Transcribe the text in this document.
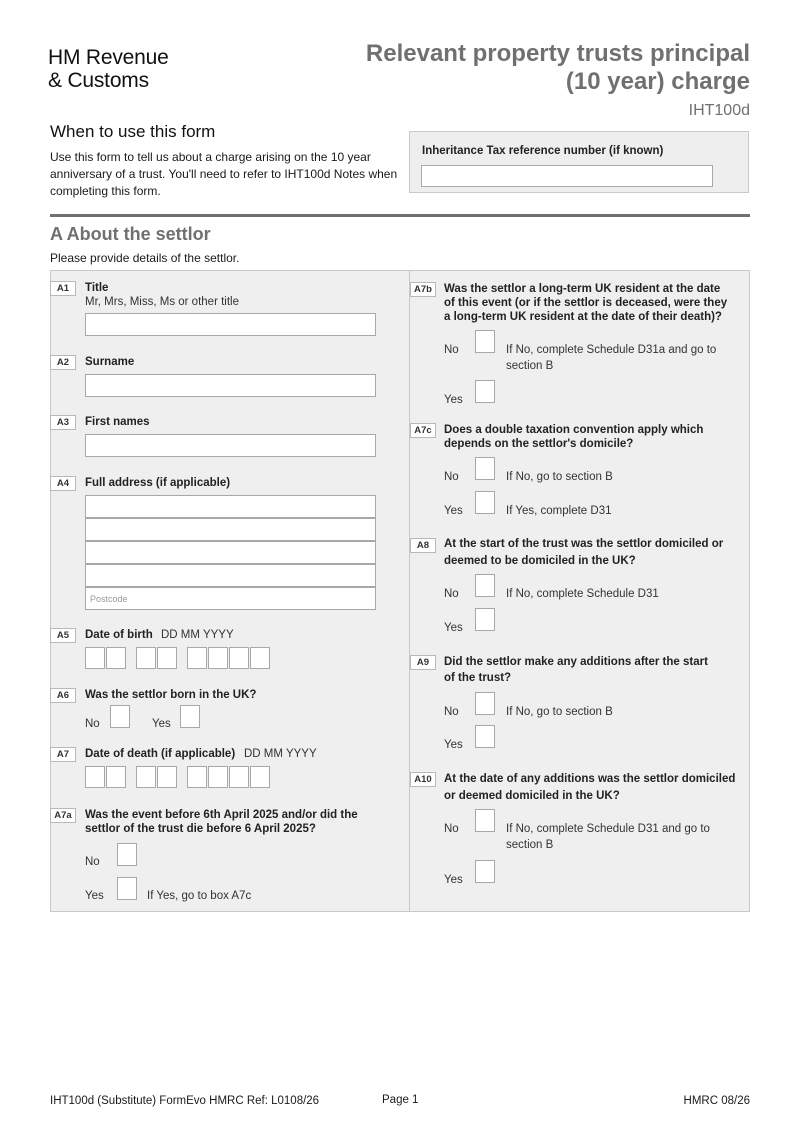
HM Revenue
& Customs
Relevant property trusts principal
(10 year) charge
IHT100d
When to use this form
Use this form to tell us about a charge arising on the 10 year anniversary of a trust. You'll need to refer to IHT100d Notes when completing this form.
Inheritance Tax reference number (if known)
A About the settlor
Please provide details of the settlor.
A1	Title
Mr, Mrs, Miss, Ms or other title
A2	Surname
A3	First names
A4	Full address (if applicable)
Postcode
A5	Date of birth DD MM YYYY
A6	Was the settlor born in the UK?
No	Yes
A7	Date of death (if applicable) DD MM YYYY
A7a	Was the event before 6th April 2025 and/or did the
settlor of the trust die before 6 April 2025?
No
Yes	If Yes, go to box A7c
A7b	Was the settlor a long-term UK resident at the date
of this event (or if the settlor is deceased, were they
a long-term UK resident at the date of their death)?
No	If No, complete Schedule D31a and go to
section B
Yes
A7c	Does a double taxation convention apply which
depends on the settlor's domicile?
No	If No, go to section B
Yes	If Yes, complete D31
A8	At the start of the trust was the settlor domiciled or
deemed to be domiciled in the UK?
No	If No, complete Schedule D31
Yes
A9	Did the settlor make any additions after the start
of the trust?
No	If No, go to section B
Yes
A10	At the date of any additions was the settlor domiciled
or deemed domiciled in the UK?
No	If No, complete Schedule D31 and go to
section B
Yes
IHT100d (Substitute) FormEvo HMRC Ref: L0108/26	Page 1	HMRC 08/26
